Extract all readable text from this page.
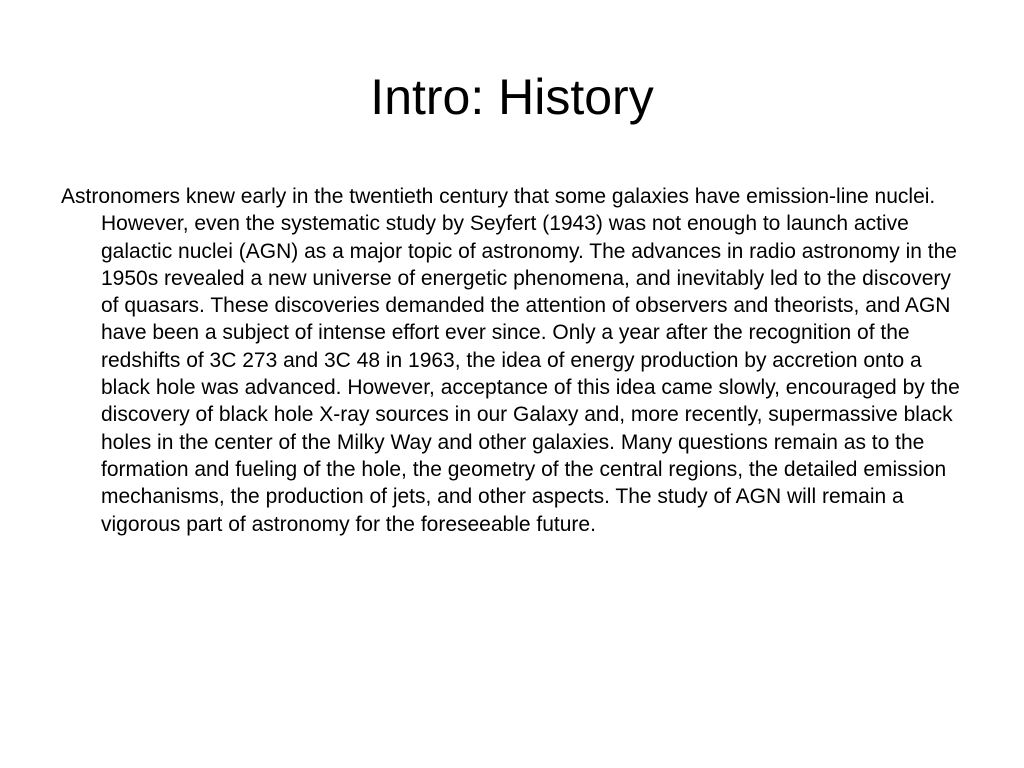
Intro: History

Astronomers knew early in the twentieth century that some galaxies have emission-line nuclei. However, even the systematic study by Seyfert (1943) was not enough to launch active galactic nuclei (AGN) as a major topic of astronomy. The advances in radio astronomy in the 1950s revealed a new universe of energetic phenomena, and inevitably led to the discovery of quasars. These discoveries demanded the attention of observers and theorists, and AGN have been a subject of intense effort ever since. Only a year after the recognition of the redshifts of 3C 273 and 3C 48 in 1963, the idea of energy production by accretion onto a black hole was advanced. However, acceptance of this idea came slowly, encouraged by the discovery of black hole X-ray sources in our Galaxy and, more recently, supermassive black holes in the center of the Milky Way and other galaxies. Many questions remain as to the formation and fueling of the hole, the geometry of the central regions, the detailed emission mechanisms, the production of jets, and other aspects. The study of AGN will remain a vigorous part of astronomy for the foreseeable future.
